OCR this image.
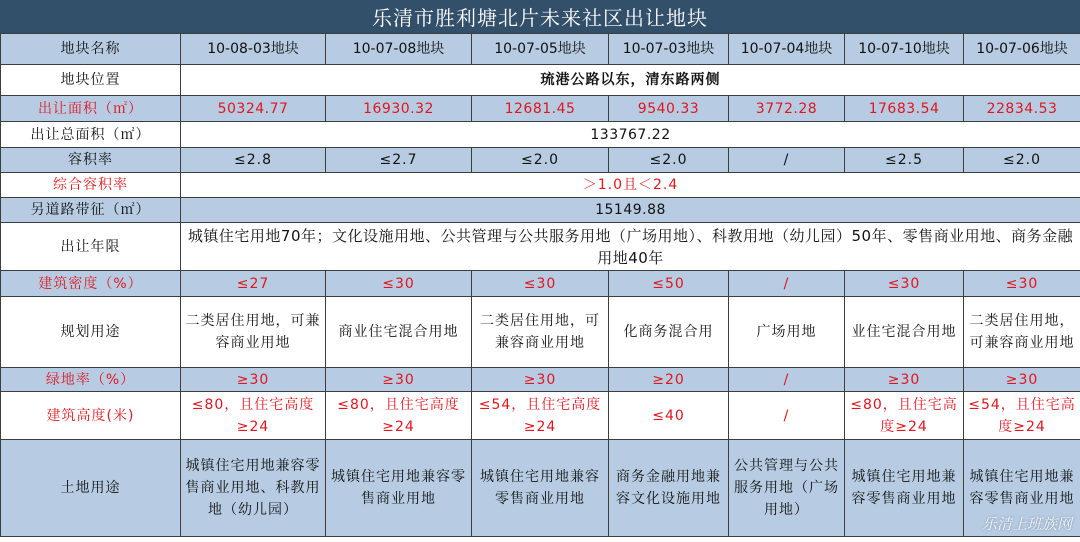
乐清市胜利塘北片未来社区出让地块
地块名称	10-08-03地块	10-07-08地块	10-07-05地块	10-07-03地块	10-07-04地块	10-07-10地块	10-07-06地块
地块位置	琉港公路以东，清东路两侧						
出让面积（㎡）	50324.77	16930.32	12681.45	9540.33	3772.28	17683.54	22834.53
出让总面积（㎡）	133767.22						
容积率	≤2.8	≤2.7	≤2.0	≤2.0	/	≤2.5	≤2.0
综合容积率	＞1.0且＜2.4						
另道路带征（㎡）	15149.88						
出让年限	城镇住宅用地70年；文化设施用地、公共管理与公共服务用地（广场用地）、科教用地（幼儿园）50年、零售商业用地、商务金融用地40年						
建筑密度（%）	≤27	≤30	≤30	≤50	/	≤30	≤30
规划用途	二类居住用地，可兼容商业用地	商业住宅混合用地	二类居住用地，可兼容商业用地	化商务混合用	广场用地	业住宅混合用地	二类居住用地，可兼容商业用地
绿地率（%）	≥30	≥30	≥30	≥20	/	≥30	≥30
建筑高度(米)	≤80，且住宅高度≥24	≤80，且住宅高度≥24	≤54，且住宅高度≥24	≤40	/	≤80，且住宅高度≥24	≤54，且住宅高度≥24
土地用途	城镇住宅用地兼容零售商业用地、科教用地（幼儿园）	城镇住宅用地兼容零售商业用地	城镇住宅用地兼容零售商业用地	商务金融用地兼容文化设施用地	公共管理与公共服务用地（广场用地）	城镇住宅用地兼容零售商业用地	城镇住宅用地兼容零售商业用地
乐清上班族网
